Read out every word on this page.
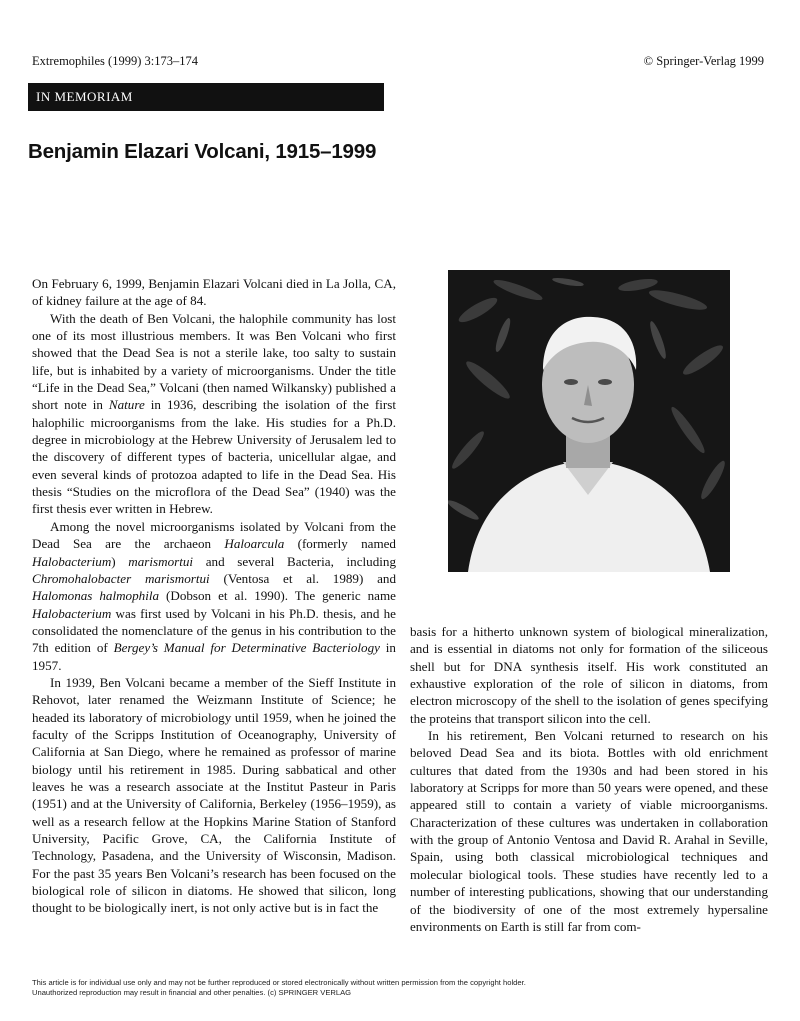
Extremophiles (1999) 3:173–174	© Springer-Verlag 1999
IN MEMORIAM
Benjamin Elazari Volcani, 1915–1999

On February 6, 1999, Benjamin Elazari Volcani died in La Jolla, CA, of kidney failure at the age of 84.

With the death of Ben Volcani, the halophile community has lost one of its most illustrious members. It was Ben Volcani who first showed that the Dead Sea is not a sterile lake, too salty to sustain life, but is inhabited by a variety of microorganisms. Under the title “Life in the Dead Sea,” Volcani (then named Wilkansky) published a short note in Nature in 1936, describing the isolation of the first halophilic microorganisms from the lake. His studies for a Ph.D. degree in microbiology at the Hebrew University of Jerusalem led to the discovery of different types of bacteria, unicellular algae, and even several kinds of protozoa adapted to life in the Dead Sea. His thesis “Studies on the microflora of the Dead Sea” (1940) was the first thesis ever written in Hebrew.

Among the novel microorganisms isolated by Volcani from the Dead Sea are the archaeon Haloarcula (formerly named Halobacterium) marismortui and several Bacteria, including Chromohalobacter marismortui (Ventosa et al. 1989) and Halomonas halmophila (Dobson et al. 1990). The generic name Halobacterium was first used by Volcani in his Ph.D. thesis, and he consolidated the nomenclature of the genus in his contribution to the 7th edition of Bergey’s Manual for Determinative Bacteriology in 1957.

In 1939, Ben Volcani became a member of the Sieff Institute in Rehovot, later renamed the Weizmann Institute of Science; he headed its laboratory of microbiology until 1959, when he joined the faculty of the Scripps Institution of Oceanography, University of California at San Diego, where he remained as professor of marine biology until his retirement in 1985. During sabbatical and other leaves he was a research associate at the Institut Pasteur in Paris (1951) and at the University of California, Berkeley (1956–1959), as well as a research fellow at the Hopkins Marine Station of Stanford University, Pacific Grove, CA, the California Institute of Technology, Pasadena, and the University of Wisconsin, Madison. For the past 35 years Ben Volcani’s research has been focused on the biological role of silicon in diatoms. He showed that silicon, long thought to be biologically inert, is not only active but is in fact the

basis for a hitherto unknown system of biological mineralization, and is essential in diatoms not only for formation of the siliceous shell but for DNA synthesis itself. His work constituted an exhaustive exploration of the role of silicon in diatoms, from electron microscopy of the shell to the isolation of genes specifying the proteins that transport silicon into the cell.

In his retirement, Ben Volcani returned to research on his beloved Dead Sea and its biota. Bottles with old enrichment cultures that dated from the 1930s and had been stored in his laboratory at Scripps for more than 50 years were opened, and these appeared still to contain a variety of viable microorganisms. Characterization of these cultures was undertaken in collaboration with the group of Antonio Ventosa and David R. Arahal in Seville, Spain, using both classical microbiological techniques and molecular biological tools. These studies have recently led to a number of interesting publications, showing that our understanding of the biodiversity of one of the most extremely hypersaline environments on Earth is still far from com-

This article is for individual use only and may not be further reproduced or stored electronically without written permission from the copyright holder.
Unauthorized reproduction may result in financial and other penalties. (c) SPRINGER VERLAG
